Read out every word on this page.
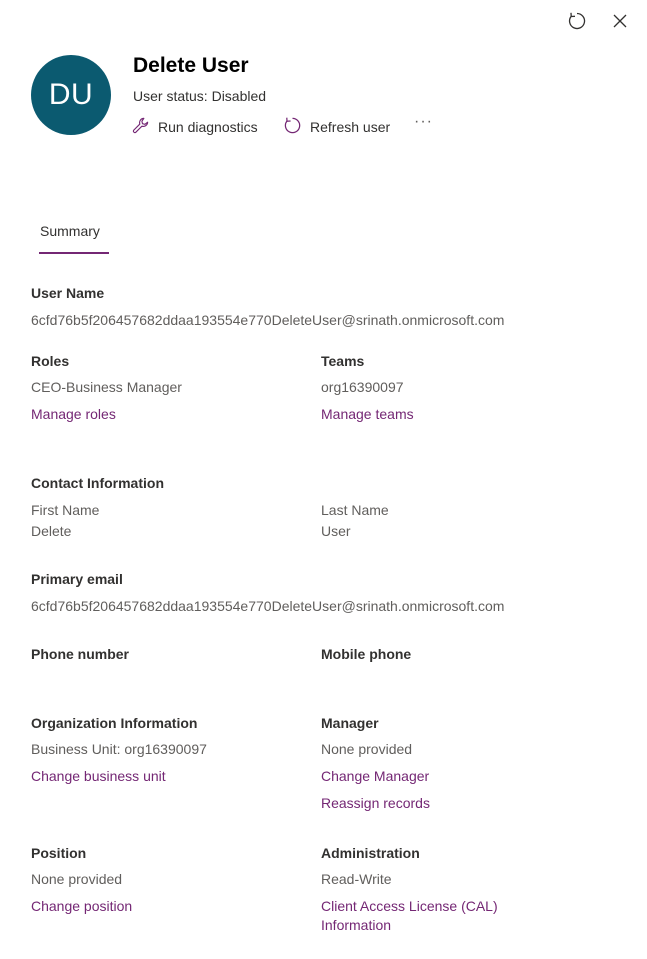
DU
Delete User
User status: Disabled
Run diagnostics	Refresh user ···
Summary
User Name
6cfd76b5f206457682ddaa193554e770DeleteUser@srinath.onmicrosoft.com
Roles
CEO-Business Manager
Manage roles
Teams
org16390097
Manage teams
Contact Information
First Name
Delete
Last Name
User
Primary email
6cfd76b5f206457682ddaa193554e770DeleteUser@srinath.onmicrosoft.com
Phone number	Mobile phone
Organization Information
Business Unit: org16390097
Change business unit
Manager
None provided
Change Manager
Reassign records
Position
None provided
Change position
Administration
Read-Write
Client Access License (CAL)
Information
